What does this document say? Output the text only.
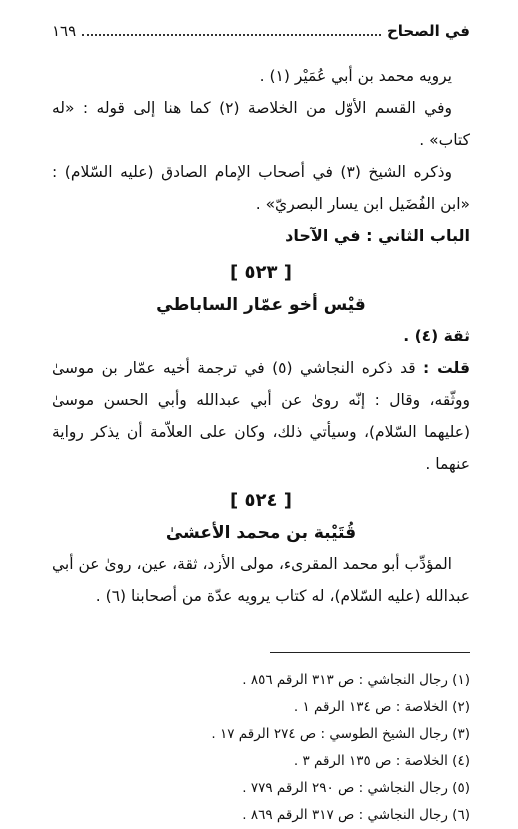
في الصحاح
١٦٩

يرويه محمد بن أبي عُمَيْر (١) .

وفي القسم الأوّل من الخلاصة (٢) كما هنا إلى قوله : «له كتاب» .

وذكره الشيخ (٣) في أصحاب الإمام الصادق (عليه السّلام) : «ابن الفُضَيل ابن يسار البصريّ» .

الباب الثاني : في الآحاد

[ ٥٢٣ ]
قيْس أخو عمّار الساباطي

ثقة (٤) .

قلت : قد ذكره النجاشي (٥) في ترجمة أخيه عمّار بن موسىٰ ووثّقه، وقال : إنّه روىٰ عن أبي عبدالله وأبي الحسن موسىٰ (عليهما السّلام)، وسيأتي ذلك، وكان على العلاّمة أن يذكر رواية عنهما .

[ ٥٢٤ ]
قُتَيْبة بن محمد الأعشىٰ

المؤدِّب أبو محمد المقرىء، مولى الأزد، ثقة، عين، روىٰ عن أبي عبدالله (عليه السّلام)، له كتاب يرويه عدّة من أصحابنا (٦) .

(١) رجال النجاشي : ص ٣١٣ الرقم ٨٥٦ .

(٢) الخلاصة : ص ١٣٤ الرقم ١ .

(٣) رجال الشيخ الطوسي : ص ٢٧٤ الرقم ١٧ .

(٤) الخلاصة : ص ١٣٥ الرقم ٣ .

(٥) رجال النجاشي : ص ٢٩٠ الرقم ٧٧٩ .

(٦) رجال النجاشي : ص ٣١٧ الرقم ٨٦٩ .
